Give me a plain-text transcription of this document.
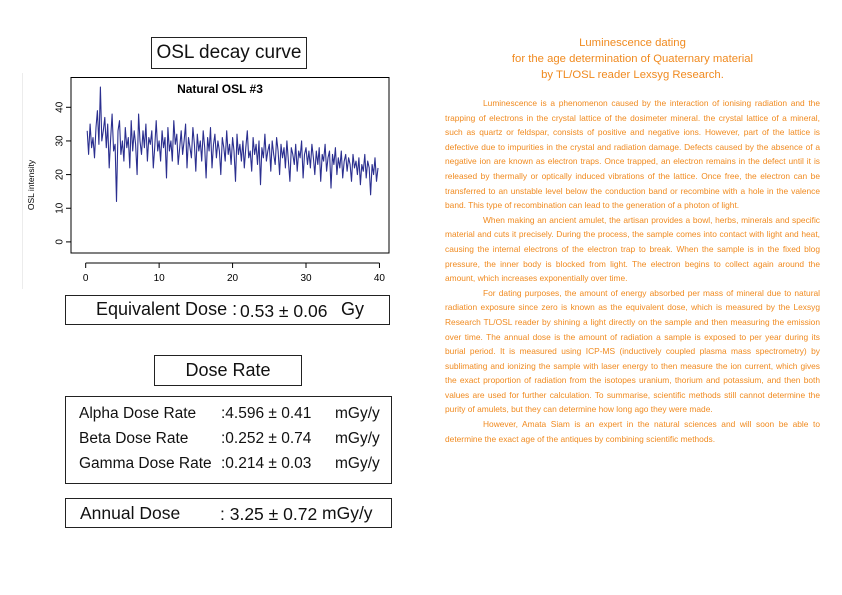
OSL decay curve
Natural OSL #3
OSL intensity
0
10
20
30
40
0	10	20	30	40
Equivalent Dose : 0.53 ± 0.06 Gy
Dose Rate
Alpha Dose Rate :4.596 ± 0.41 mGy/y
Beta Dose Rate :0.252 ± 0.74 mGy/y
Gamma Dose Rate :0.214 ± 0.03 mGy/y
Annual Dose : 3.25 ± 0.72 mGy/y
Luminescence dating
for the age determination of Quaternary material
by TL/OSL reader Lexsyg Research.

Luminescence is a phenomenon caused by the interaction of ionising radiation and the trapping of electrons in the crystal lattice of the dosimeter mineral. the crystal lattice of a mineral, such as quartz or feldspar, consists of positive and negative ions. However, part of the lattice is defective due to impurities in the crystal and radiation damage. Defects caused by the absence of a negative ion are known as electron traps. Once trapped, an electron remains in the defect until it is released by thermally or optically induced vibrations of the lattice. Once free, the electron can be transferred to an unstable level below the conduction band or recombine with a hole in the valence band. This type of recombination can lead to the generation of a photon of light.

When making an ancient amulet, the artisan provides a bowl, herbs, minerals and specific material and cuts it precisely. During the process, the sample comes into contact with light and heat, causing the internal electrons of the electron trap to break. When the sample is in the fixed blog pressure, the inner body is blocked from light. The electron begins to collect again around the amount, which increases exponentially over time.

For dating purposes, the amount of energy absorbed per mass of mineral due to natural radiation exposure since zero is known as the equivalent dose, which is measured by the Lexsyg Research TL/OSL reader by shining a light directly on the sample and then measuring the emission over time. The annual dose is the amount of radiation a sample is exposed to per year during its burial period. It is measured using ICP-MS (inductively coupled plasma mass spectrometry) by sublimating and ionizing the sample with laser energy to then measure the ion current, which gives the exact proportion of radiation from the isotopes uranium, thorium and potassium, and then both values are used for further calculation. To summarise, scientific methods still cannot determine the purity of amulets, but they can determine how long ago they were made.

However, Amata Siam is an expert in the natural sciences and will soon be able to determine the exact age of the antiques by combining scientific methods.
